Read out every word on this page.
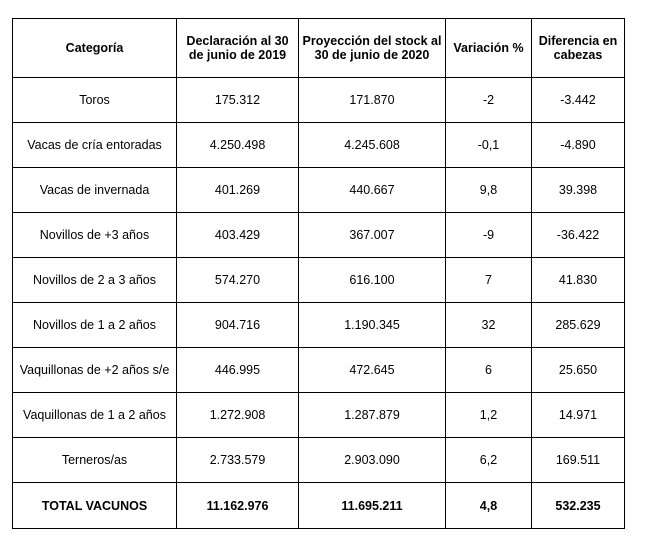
Categoría	Declaración al 30 de junio de 2019	Proyección del stock al 30 de junio de 2020	Variación %	Diferencia en cabezas
Toros	175.312	171.870	-2	-3.442
Vacas de cría entoradas	4.250.498	4.245.608	-0,1	-4.890
Vacas de invernada	401.269	440.667	9,8	39.398
Novillos de +3 años	403.429	367.007	-9	-36.422
Novillos de 2 a 3 años	574.270	616.100	7	41.830
Novillos de 1 a 2 años	904.716	1.190.345	32	285.629
Vaquillonas de +2 años s/e	446.995	472.645	6	25.650
Vaquillonas de 1 a 2 años	1.272.908	1.287.879	1,2	14.971
Terneros/as	2.733.579	2.903.090	6,2	169.511
TOTAL VACUNOS	11.162.976	11.695.211	4,8	532.235
